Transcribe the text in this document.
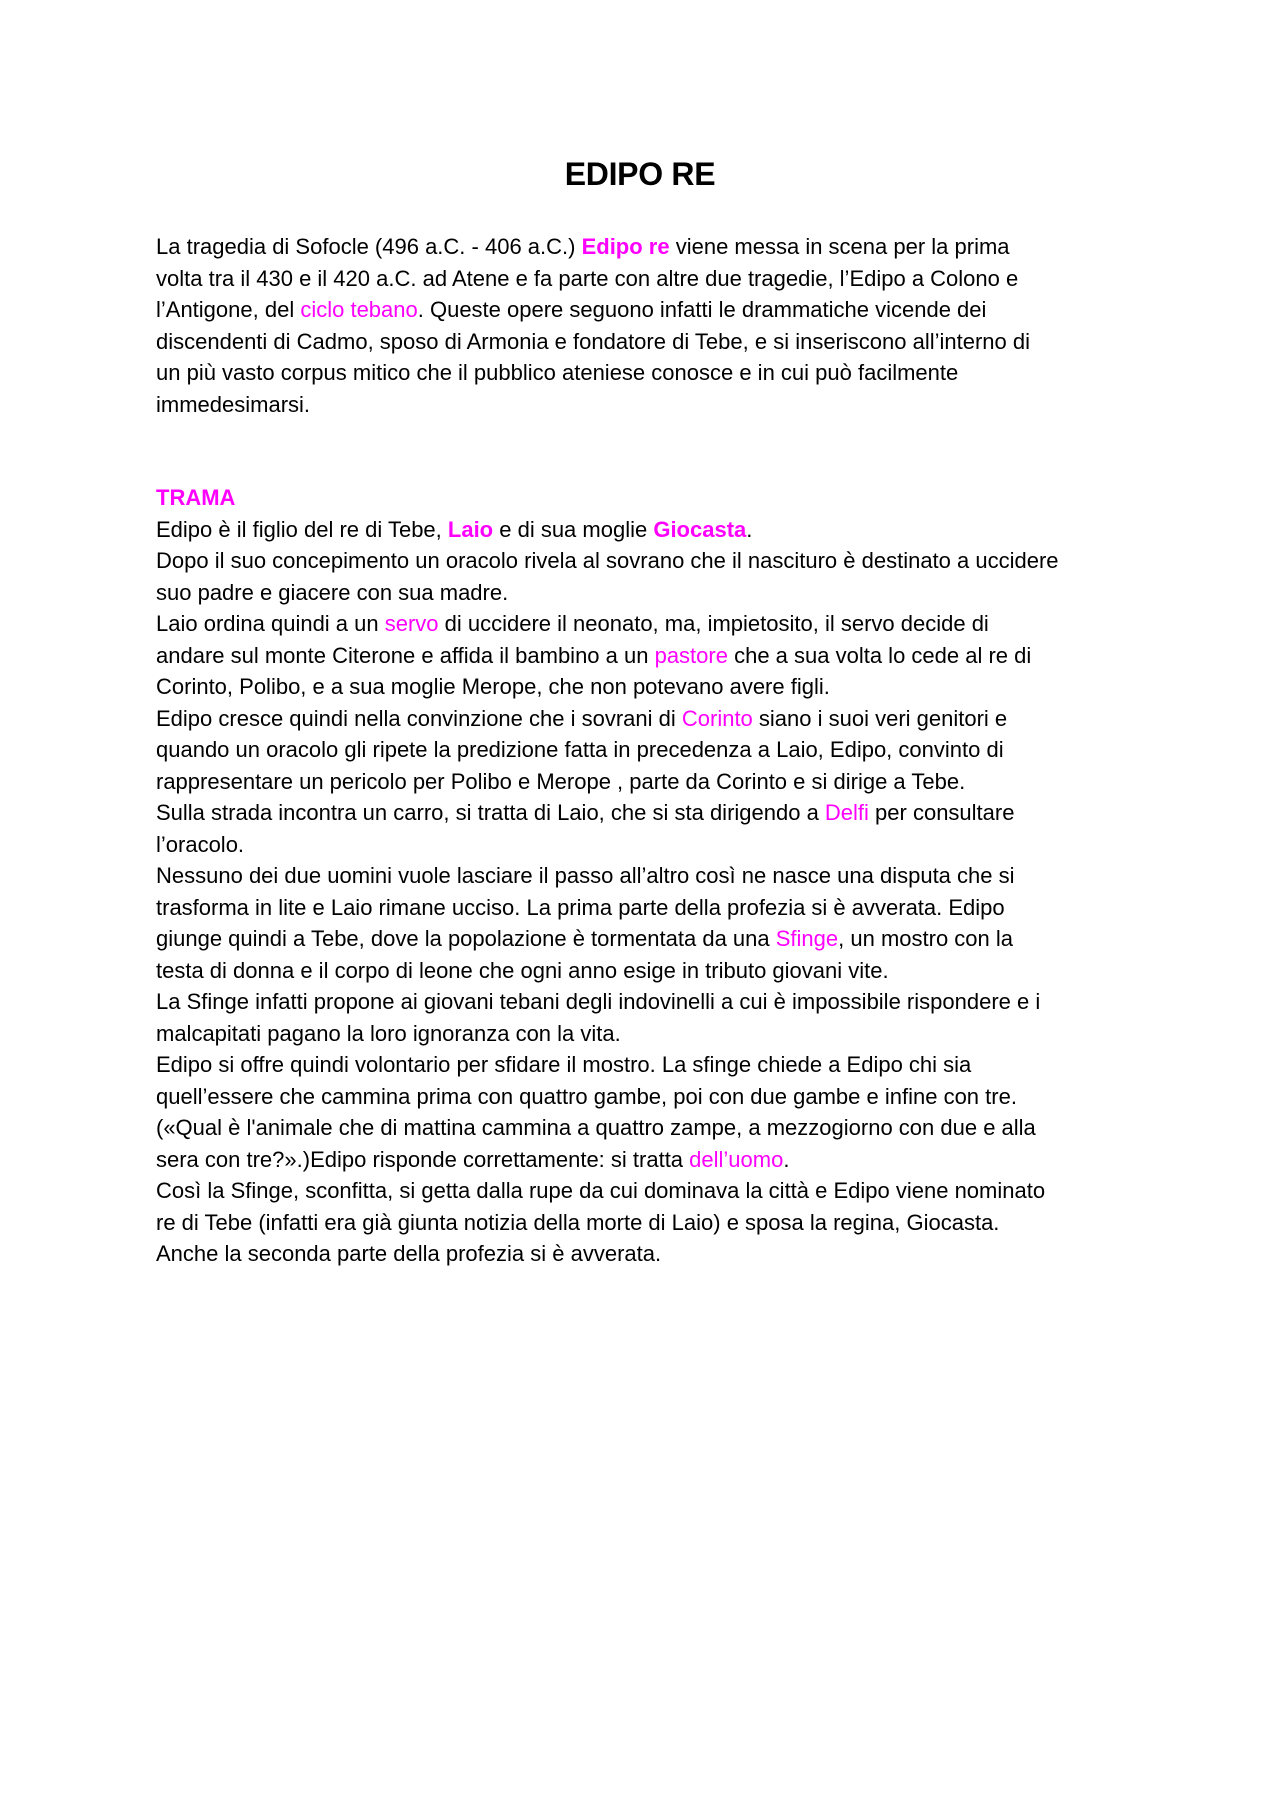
EDIPO RE
La tragedia di Sofocle (496 a.C. - 406 a.C.) Edipo re viene messa in scena per la prima
volta tra il 430 e il 420 a.C. ad Atene e fa parte con altre due tragedie, l’Edipo a Colono e
l’Antigone, del ciclo tebano. Queste opere seguono infatti le drammatiche vicende dei
discendenti di Cadmo, sposo di Armonia e fondatore di Tebe, e si inseriscono all’interno di
un più vasto corpus mitico che il pubblico ateniese conosce e in cui può facilmente
immedesimarsi.
TRAMA
Edipo è il figlio del re di Tebe, Laio e di sua moglie Giocasta.
Dopo il suo concepimento un oracolo rivela al sovrano che il nascituro è destinato a uccidere
suo padre e giacere con sua madre.
Laio ordina quindi a un servo di uccidere il neonato, ma, impietosito, il servo decide di
andare sul monte Citerone e affida il bambino a un pastore che a sua volta lo cede al re di
Corinto, Polibo, e a sua moglie Merope, che non potevano avere figli.
Edipo cresce quindi nella convinzione che i sovrani di Corinto siano i suoi veri genitori e
quando un oracolo gli ripete la predizione fatta in precedenza a Laio, Edipo, convinto di
rappresentare un pericolo per Polibo e Merope , parte da Corinto e si dirige a Tebe.
Sulla strada incontra un carro, si tratta di Laio, che si sta dirigendo a Delfi per consultare
l’oracolo.
Nessuno dei due uomini vuole lasciare il passo all’altro così ne nasce una disputa che si
trasforma in lite e Laio rimane ucciso. La prima parte della profezia si è avverata. Edipo
giunge quindi a Tebe, dove la popolazione è tormentata da una Sfinge, un mostro con la
testa di donna e il corpo di leone che ogni anno esige in tributo giovani vite.
La Sfinge infatti propone ai giovani tebani degli indovinelli a cui è impossibile rispondere e i
malcapitati pagano la loro ignoranza con la vita.
Edipo si offre quindi volontario per sfidare il mostro. La sfinge chiede a Edipo chi sia
quell’essere che cammina prima con quattro gambe, poi con due gambe e infine con tre.
(«Qual è l'animale che di mattina cammina a quattro zampe, a mezzogiorno con due e alla
sera con tre?».)Edipo risponde correttamente: si tratta dell’uomo.
Così la Sfinge, sconfitta, si getta dalla rupe da cui dominava la città e Edipo viene nominato
re di Tebe (infatti era già giunta notizia della morte di Laio) e sposa la regina, Giocasta.
Anche la seconda parte della profezia si è avverata.
